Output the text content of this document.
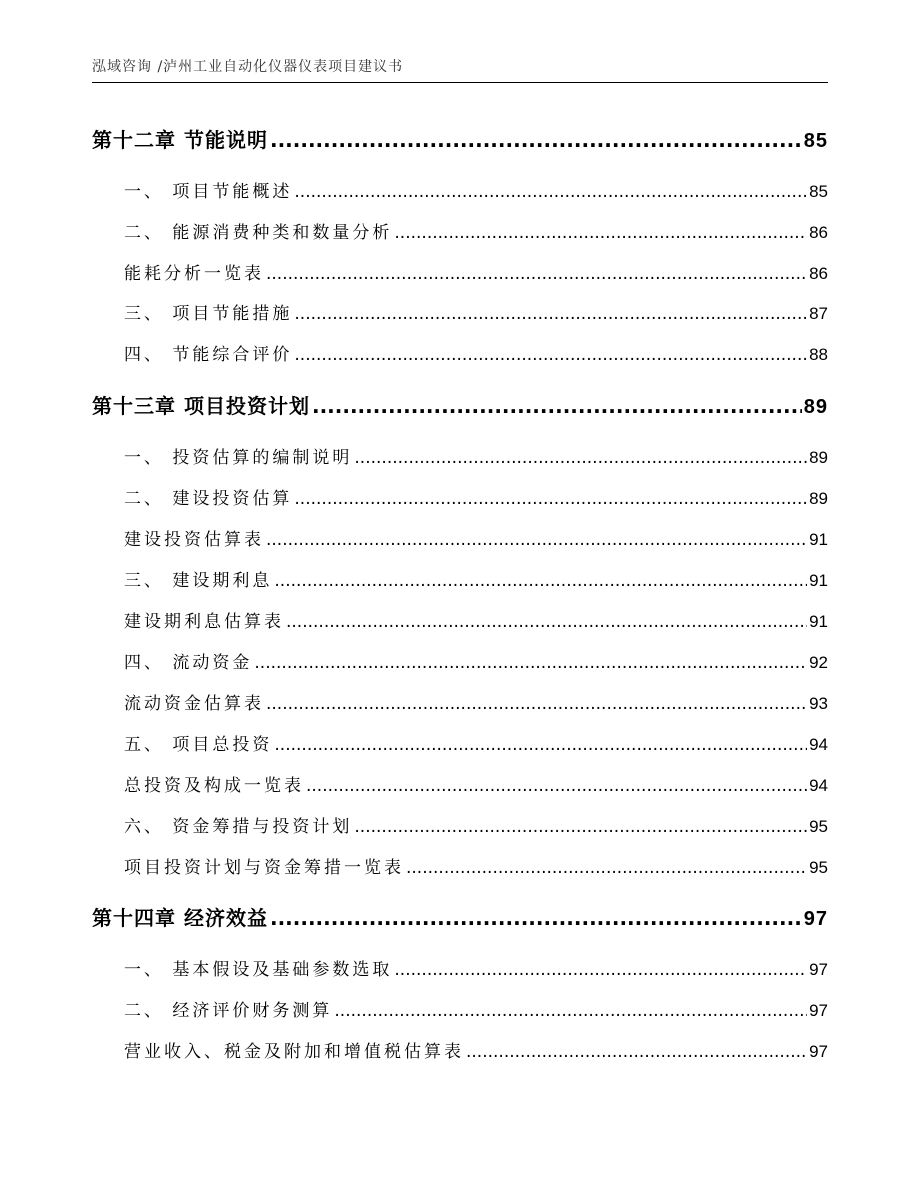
泓域咨询 /泸州工业自动化仪器仪表项目建议书
第十二章 节能说明 .....	85
一、 项目节能概述 .....	85
二、 能源消费种类和数量分析 .....	86
能耗分析一览表 .....	86
三、 项目节能措施 .....	87
四、 节能综合评价 .....	88
第十三章 项目投资计划 .....	89
一、 投资估算的编制说明 .....	89
二、 建设投资估算 .....	89
建设投资估算表 .....	91
三、 建设期利息 .....	91
建设期利息估算表 .....	91
四、 流动资金 .....	92
流动资金估算表 .....	93
五、 项目总投资 .....	94
总投资及构成一览表 .....	94
六、 资金筹措与投资计划 .....	95
项目投资计划与资金筹措一览表 .....	95
第十四章 经济效益 .....	97
一、 基本假设及基础参数选取 .....	97
二、 经济评价财务测算 .....	97
营业收入、税金及附加和增值税估算表 .....	97
